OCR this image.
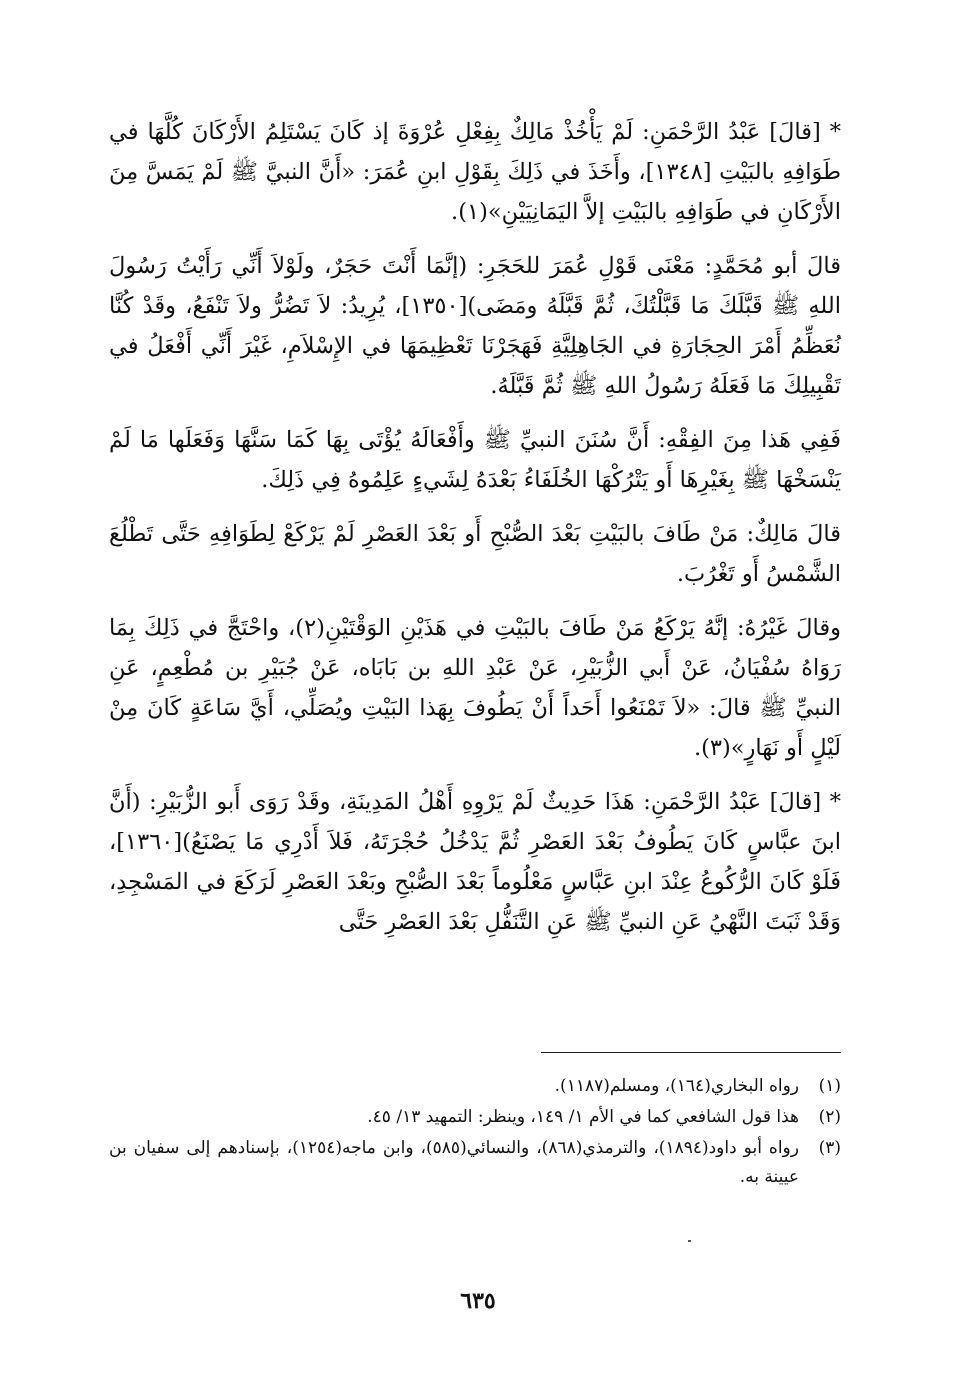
* [قالَ] عَبْدُ الرَّحْمَنِ: لَمْ يَأْخُذْ مَالِكٌ بِفِعْلِ عُرْوَةَ إذ كَانَ يَسْتَلِمُ الأَرْكَانَ كُلَّهَا في طَوَافِهِ بالبَيْتِ [١٣٤٨]، وأَخَذَ في ذَلِكَ بِقَوْلِ ابنِ عُمَرَ: «أَنَّ النبيَّ ﷺ لَمْ يَمَسَّ مِنَ الأَرْكَانِ في طَوَافِهِ بالبَيْتِ إلاَّ اليَمَانِيَيْنِ»(١).

قالَ أبو مُحَمَّدٍ: مَعْنَى قَوْلِ عُمَرَ للحَجَرِ: (إنَّمَا أَنْتَ حَجَرٌ، ولَوْلاَ أَنِّي رَأَيْتُ رَسُولَ اللهِ ﷺ قَبَّلَكَ مَا قَبَّلْتُكَ، ثُمَّ قَبَّلَهُ ومَضَى)[١٣٥٠]، يُرِيدُ: لاَ تَضُرُّ ولاَ تَنْفَعُ، وقَدْ كُنَّا نُعَظِّمُ أَمْرَ الحِجَارَةِ في الجَاهِلِيَّةِ فَهَجَرْنَا تَعْظِيمَهَا في الإِسْلاَمِ، غَيْرَ أَنِّي أَفْعَلُ في تَقْبِيلِكَ مَا فَعَلَهُ رَسُولُ اللهِ ﷺ ثُمَّ قَبَّلَهُ.

فَفِي هَذا مِنَ الفِقْهِ: أَنَّ سُنَنَ النبيِّ ﷺ وأَفْعَالَهُ يُؤْتَى بِهَا كَمَا سَنَّهَا وَفَعَلَها مَا لَمْ يَنْسَخْهَا ﷺ بِغَيْرِهَا أَو يَتْرُكْهَا الخُلَفَاءُ بَعْدَهُ لِشَيءٍ عَلِمُوهُ فِي ذَلِكَ.

قالَ مَالِكٌ: مَنْ طَافَ بالبَيْتِ بَعْدَ الصُّبْحِ أَو بَعْدَ العَصْرِ لَمْ يَرْكَعْ لِطَوَافِهِ حَتَّى تَطْلُعَ الشَّمْسُ أَو تَغْرُبَ.

وقالَ غَيْرُهُ: إنَّهُ يَرْكَعُ مَنْ طَافَ بالبَيْتِ في هَذَيْنِ الوَقْتَيْنِ(٢)، واحْتَجَّ في ذَلِكَ بِمَا رَوَاهُ سُفْيَانُ، عَنْ أَبي الزُّبَيْرِ، عَنْ عَبْدِ اللهِ بن بَابَاه، عَنْ جُبَيْرِ بن مُطْعِمٍ، عَنِ النبيِّ ﷺ قالَ: «لاَ تَمْنَعُوا أَحَداً أَنْ يَطُوفَ بِهَذا البَيْتِ ويُصَلِّي، أَيَّ سَاعَةٍ كَانَ مِنْ لَيْلٍ أَو نَهَارٍ»(٣).

* [قالَ] عَبْدُ الرَّحْمَنِ: هَذَا حَدِيثٌ لَمْ يَرْوِهِ أَهْلُ المَدِينَةِ، وقَدْ رَوَى أَبو الزُّبَيْرِ: (أَنَّ ابنَ عبَّاسٍ كَانَ يَطُوفُ بَعْدَ العَصْرِ ثُمَّ يَدْخُلُ حُجْرَتَهُ، فَلاَ أَدْرِي مَا يَصْنَعُ)[١٣٦٠]، فَلَوْ كَانَ الرُّكُوعُ عِنْدَ ابنِ عَبَّاسٍ مَعْلُوماً بَعْدَ الصُّبْحِ وبَعْدَ العَصْرِ لَرَكَعَ في المَسْجِدِ، وَقَدْ ثَبَتَ النَّهْيُ عَنِ النبيِّ ﷺ عَنِ التَّنَفُّلِ بَعْدَ العَصْرِ حَتَّى

(١)
رواه البخاري(١٦٤)، ومسلم(١١٨٧).
(٢)
هذا قول الشافعي كما في الأم ١/ ١٤٩، وينظر: التمهيد ١٣/ ٤٥.
(٣)
رواه أبو داود(١٨٩٤)، والترمذي(٨٦٨)، والنسائي(٥٨٥)، وابن ماجه(١٢٥٤)، بإسنادهم إلى سفيان بن عيينة به.
٦٣٥
